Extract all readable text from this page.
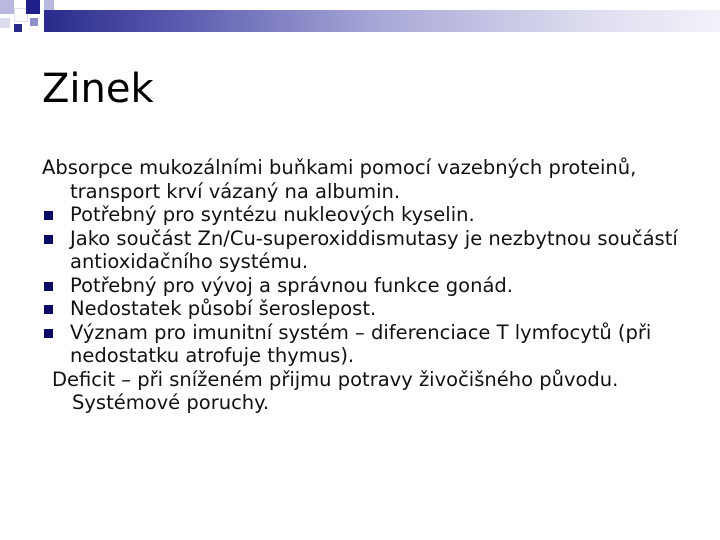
Zinek
Absorpce mukozálními buňkami pomocí vazebných proteinů, transport krví vázaný na albumin.
Potřebný pro syntézu nukleových kyselin.
Jako součást Zn/Cu-superoxiddismutasy je nezbytnou součástí antioxidačního systému.
Potřebný pro vývoj a správnou funkce gonád.
Nedostatek působí šeroslepost.
Význam pro imunitní systém – diferenciace T lymfocytů (při nedostatku atrofuje thymus).
Deficit – při sníženém přijmu potravy živočišného původu. Systémové poruchy.
